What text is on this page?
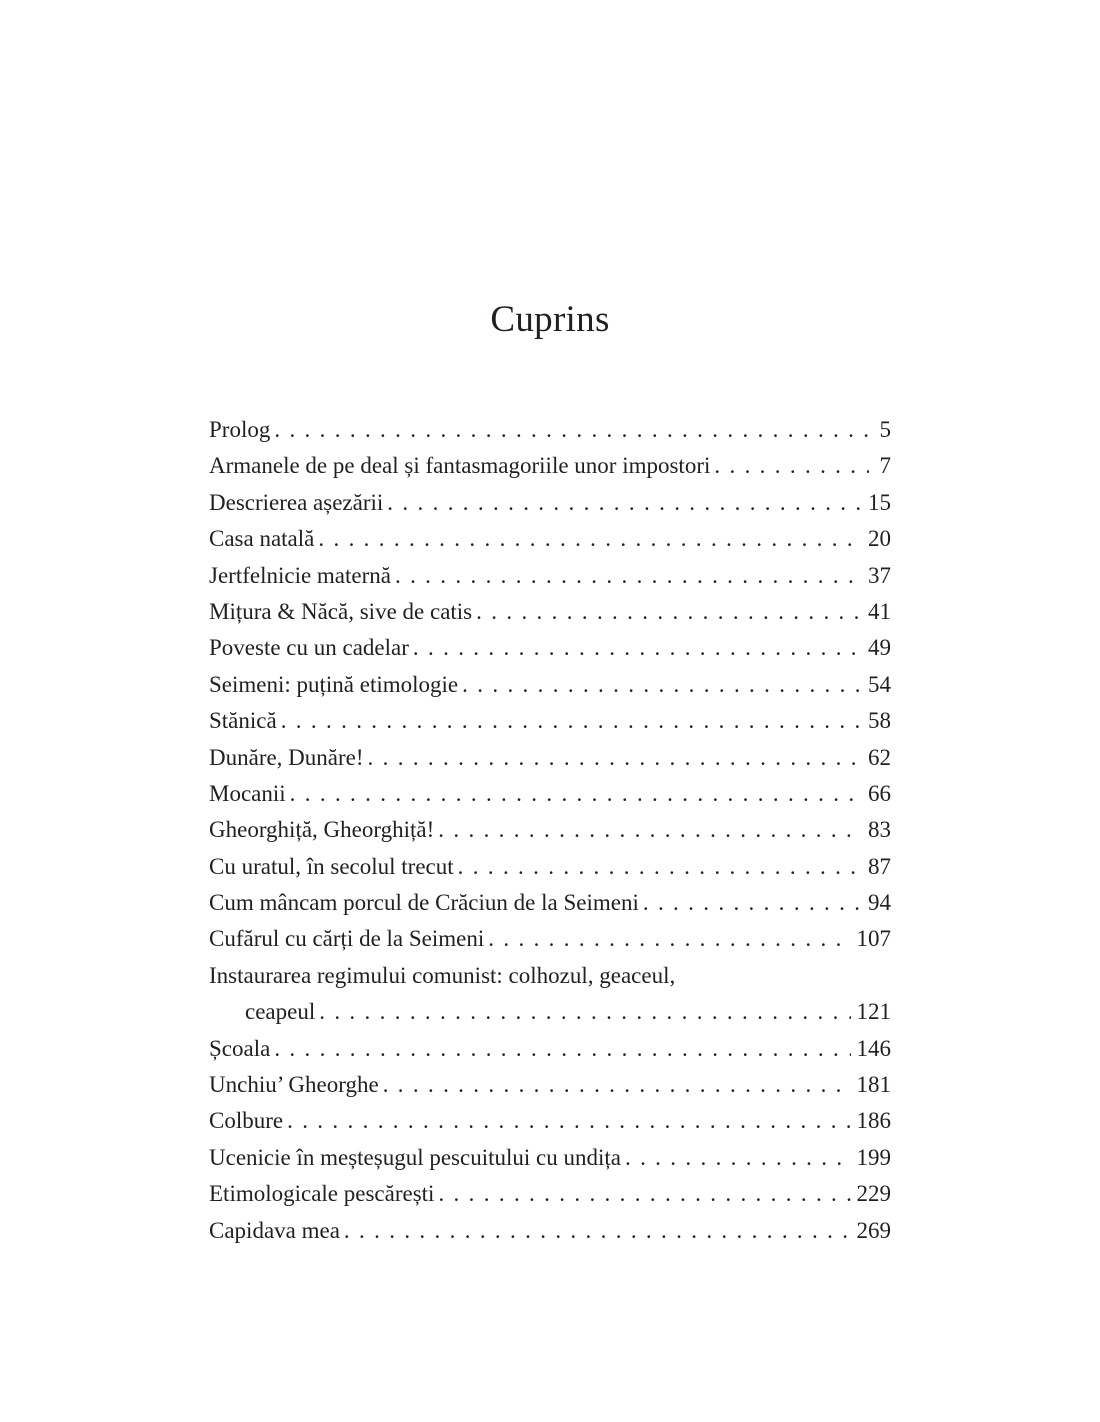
Cuprins
Prolog . . .	5
Armanele de pe deal și fantasmagoriile unor impostori . . .	7
Descrierea așezării . . .	15
Casa natală . . .	20
Jertfelnicie maternă . . .	37
Mițura & Năcă, sive de catis . . .	41
Poveste cu un cadelar . . .	49
Seimeni: puțină etimologie . . .	54
Stănică . . .	58
Dunăre, Dunăre! . . .	62
Mocanii . . .	66
Gheorghiță, Gheorghiță! . . .	83
Cu uratul, în secolul trecut . . .	87
Cum mâncam porcul de Crăciun de la Seimeni . . .	94
Cufărul cu cărți de la Seimeni . . .	107
Instaurarea regimului comunist: colhozul, geaceul,
ceapeul . . .	121
Școala . . .	146
Unchiu’ Gheorghe . . .	181
Colbure . . .	186
Ucenicie în meșteșugul pescuitului cu undița . . .	199
Etimologicale pescărești . . .	229
Capidava mea . . .	269
